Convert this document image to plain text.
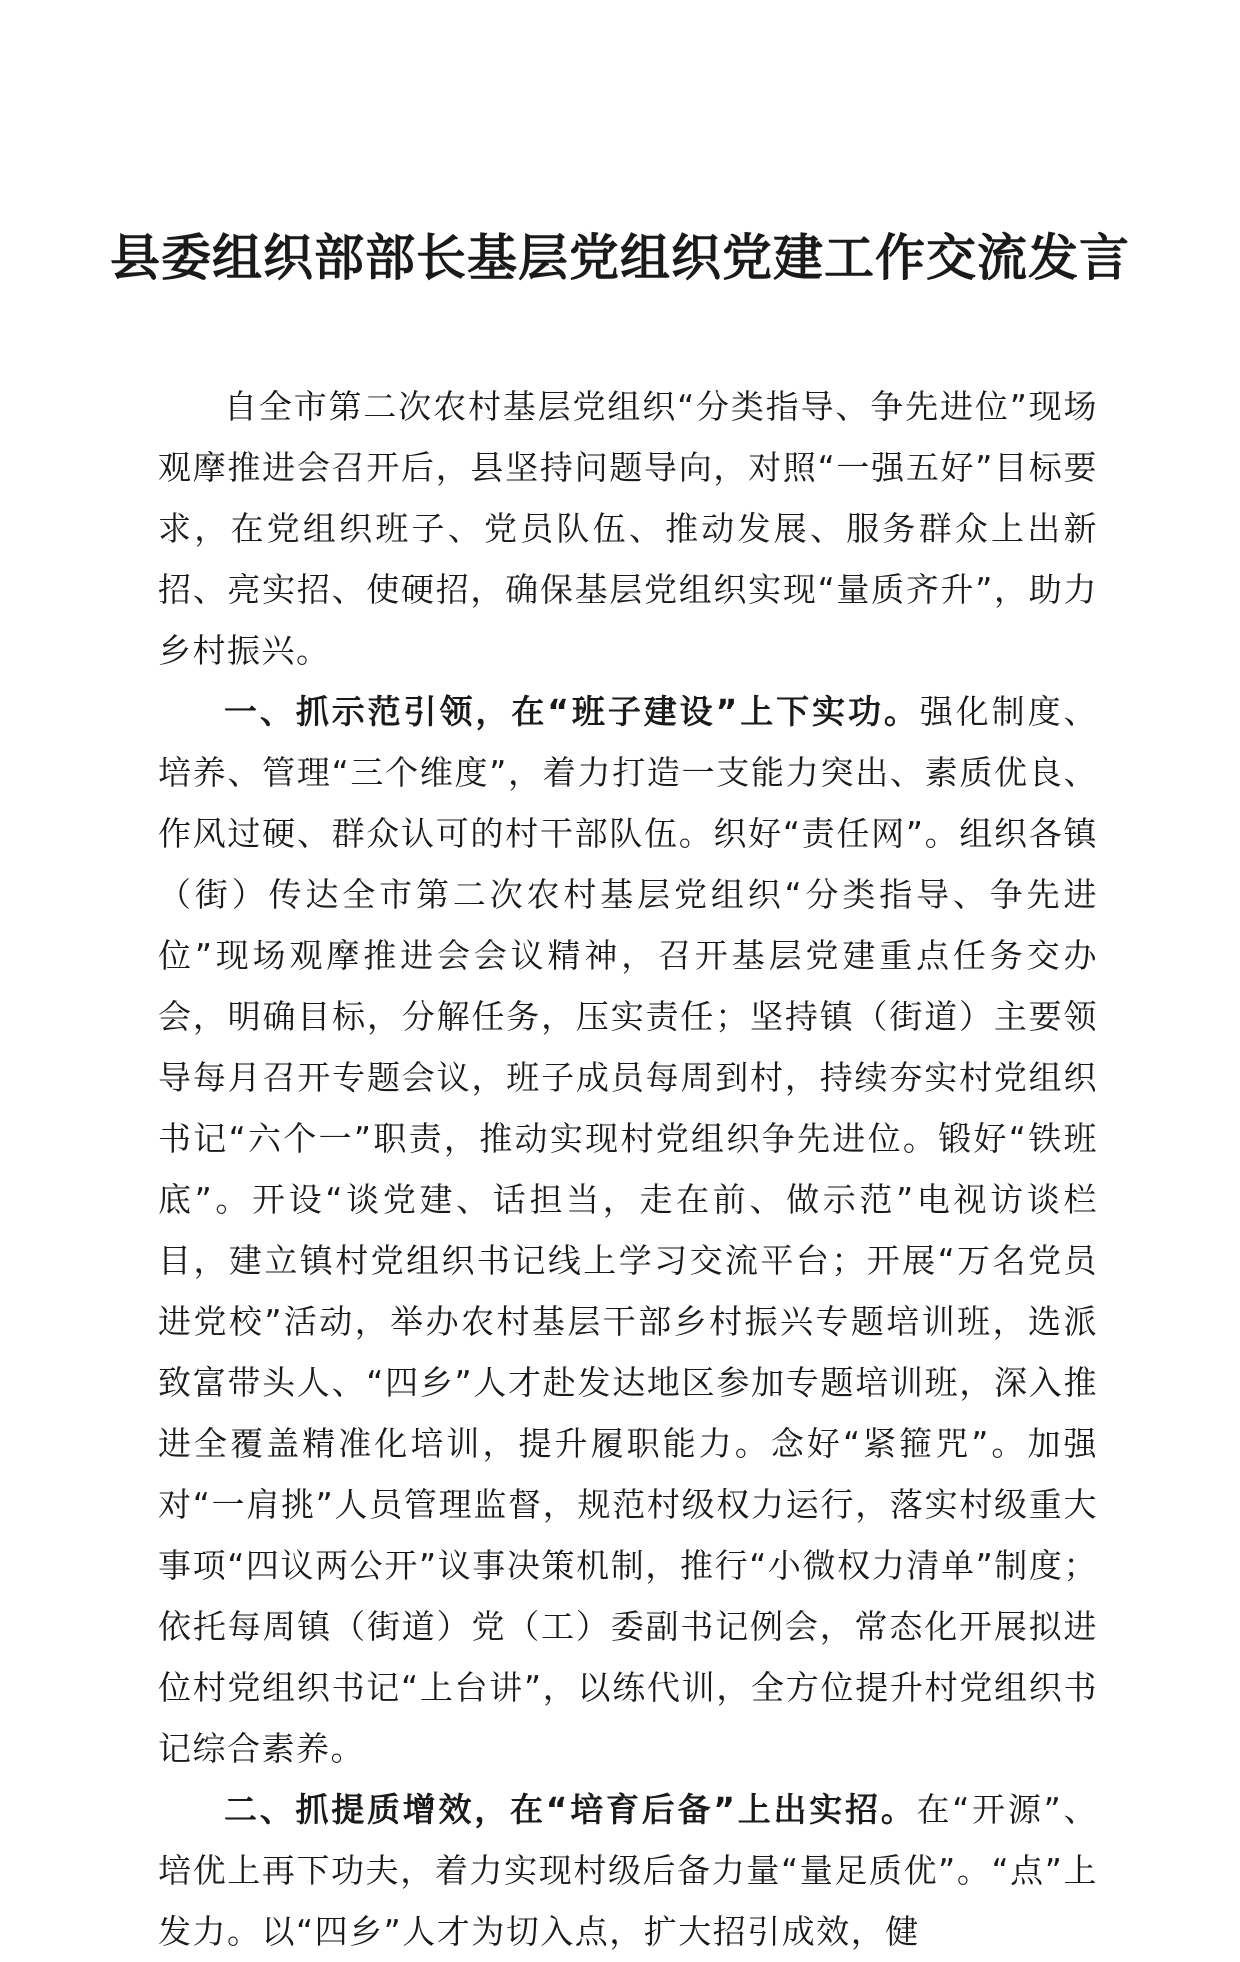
县委组织部部长基层党组织党建工作交流发言

自全市第二次农村基层党组织“分类指导、争先进位”现场观摩推进会召开后，县坚持问题导向，对照“一强五好”目标要求，在党组织班子、党员队伍、推动发展、服务群众上出新招、亮实招、使硬招，确保基层党组织实现“量质齐升”，助力乡村振兴。

一、抓示范引领，在“班子建设”上下实功。强化制度、培养、管理“三个维度”，着力打造一支能力突出、素质优良、作风过硬、群众认可的村干部队伍。织好“责任网”。组织各镇（街）传达全市第二次农村基层党组织“分类指导、争先进位”现场观摩推进会会议精神，召开基层党建重点任务交办会，明确目标，分解任务，压实责任；坚持镇（街道）主要领导每月召开专题会议，班子成员每周到村，持续夯实村党组织书记“六个一”职责，推动实现村党组织争先进位。锻好“铁班底”。开设“谈党建、话担当，走在前、做示范”电视访谈栏目，建立镇村党组织书记线上学习交流平台；开展“万名党员进党校”活动，举办农村基层干部乡村振兴专题培训班，选派致富带头人、“四乡”人才赴发达地区参加专题培训班，深入推进全覆盖精准化培训，提升履职能力。念好“紧箍咒”。加强对“一肩挑”人员管理监督，规范村级权力运行，落实村级重大事项“四议两公开”议事决策机制，推行“小微权力清单”制度；依托每周镇（街道）党（工）委副书记例会，常态化开展拟进位村党组织书记“上台讲”，以练代训，全方位提升村党组织书记综合素养。

二、抓提质增效，在“培育后备”上出实招。在“开源”、培优上再下功夫，着力实现村级后备力量“量足质优”。“点”上发力。以“四乡”人才为切入点，扩大招引成效，健
